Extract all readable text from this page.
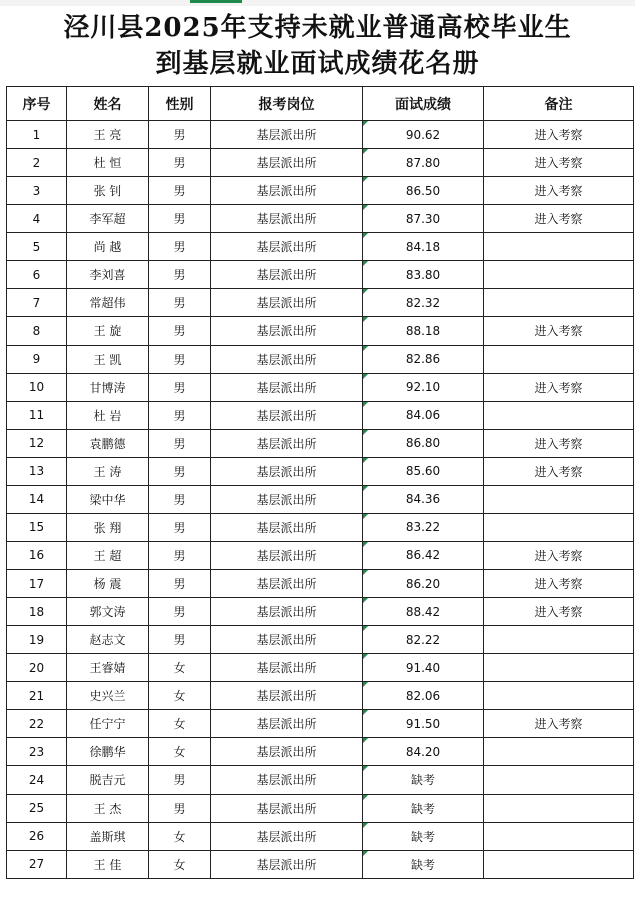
泾川县2025年支持未就业普通高校毕业生
到基层就业面试成绩花名册
序号	姓名	性别	报考岗位	面试成绩	备注
1	王 亮	男	基层派出所	90.62	进入考察
2	杜 恒	男	基层派出所	87.80	进入考察
3	张 钊	男	基层派出所	86.50	进入考察
4	李军超	男	基层派出所	87.30	进入考察
5	尚 越	男	基层派出所	84.18	
6	李刘喜	男	基层派出所	83.80	
7	常超伟	男	基层派出所	82.32	
8	王 旋	男	基层派出所	88.18	进入考察
9	王 凯	男	基层派出所	82.86	
10	甘博涛	男	基层派出所	92.10	进入考察
11	杜 岩	男	基层派出所	84.06	
12	袁鹏德	男	基层派出所	86.80	进入考察
13	王 涛	男	基层派出所	85.60	进入考察
14	梁中华	男	基层派出所	84.36	
15	张 翔	男	基层派出所	83.22	
16	王 超	男	基层派出所	86.42	进入考察
17	杨 震	男	基层派出所	86.20	进入考察
18	郭文涛	男	基层派出所	88.42	进入考察
19	赵志文	男	基层派出所	82.22	
20	王睿婧	女	基层派出所	91.40	
21	史兴兰	女	基层派出所	82.06	
22	任宁宁	女	基层派出所	91.50	进入考察
23	徐鹏华	女	基层派出所	84.20	
24	脱吉元	男	基层派出所	缺考	
25	王 杰	男	基层派出所	缺考	
26	盖斯琪	女	基层派出所	缺考	
27	王 佳	女	基层派出所	缺考	
